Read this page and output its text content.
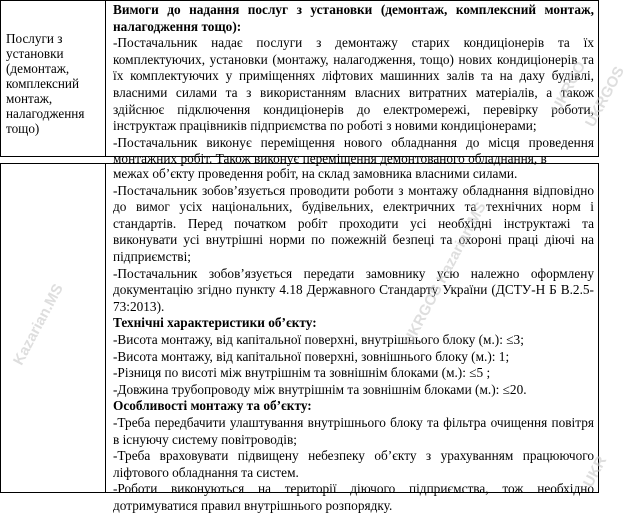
Послуги з установки (демонтаж, комплексний монтаж, налагодження тощо)

Вимоги до надання послуг з установки (демонтаж, комплексний монтаж, налагодження тощо):

-Постачальник надає послуги з демонтажу старих кондиціонерів та їх комплектуючих, установки (монтажу, налагодження, тощо) нових кондиціонерів та їх комплектуючих у приміщеннях ліфтових машинних залів та на даху будівлі, власними силами та з використанням власних витратних матеріалів, а також здійснює підключення кондиціонерів до електромережі, перевірку роботи, інструктаж працівників підприємства по роботі з новими кондиціонерами;

-Постачальник виконує переміщення нового обладнання до місця проведення монтажних робіт. Також виконує переміщення демонтованого обладнання, в

межах об’єкту проведення робіт, на склад замовника власними силами.

-Постачальник зобов’язується проводити роботи з монтажу обладнання відповідно до вимог усіх національних, будівельних, електричних та технічних норм і стандартів. Перед початком робіт проходити усі необхідні інструктажі та виконувати усі внутрішні норми по пожежній безпеці та охороні праці діючі на підприємстві;

-Постачальник зобов’язується передати замовнику усю належно оформлену документацію згідно пункту 4.18 Державного Стандарту України (ДСТУ-Н Б В.2.5-73:2013).

Технічні характеристики об’єкту:

-Висота монтажу, від капітальної поверхні, внутрішнього блоку (м.): ≤3;

-Висота монтажу, від капітальної поверхні, зовнішнього блоку (м.): 1;

-Різниця по висоті між внутрішнім та зовнішнім блоками (м.): ≤5 ;

-Довжина трубопроводу між внутрішнім та зовнішнім блоками (м.): ≤20.

Особливості монтажу та об’єкту:

-Треба передбачити улаштування внутрішнього блоку та фільтра очищення повітря в існуючу систему повітроводів;

-Треба враховувати підвищену небезпеку об’єкту з урахуванням працюючого ліфтового обладнання та систем.

-Роботи виконуються на території діючого підприємства, тож необхідно дотримуватися правил внутрішнього розпорядку.

UKRGO
UKRGOS
Kazarian.MS	UKRGOS Kazarian.MS
UKR
